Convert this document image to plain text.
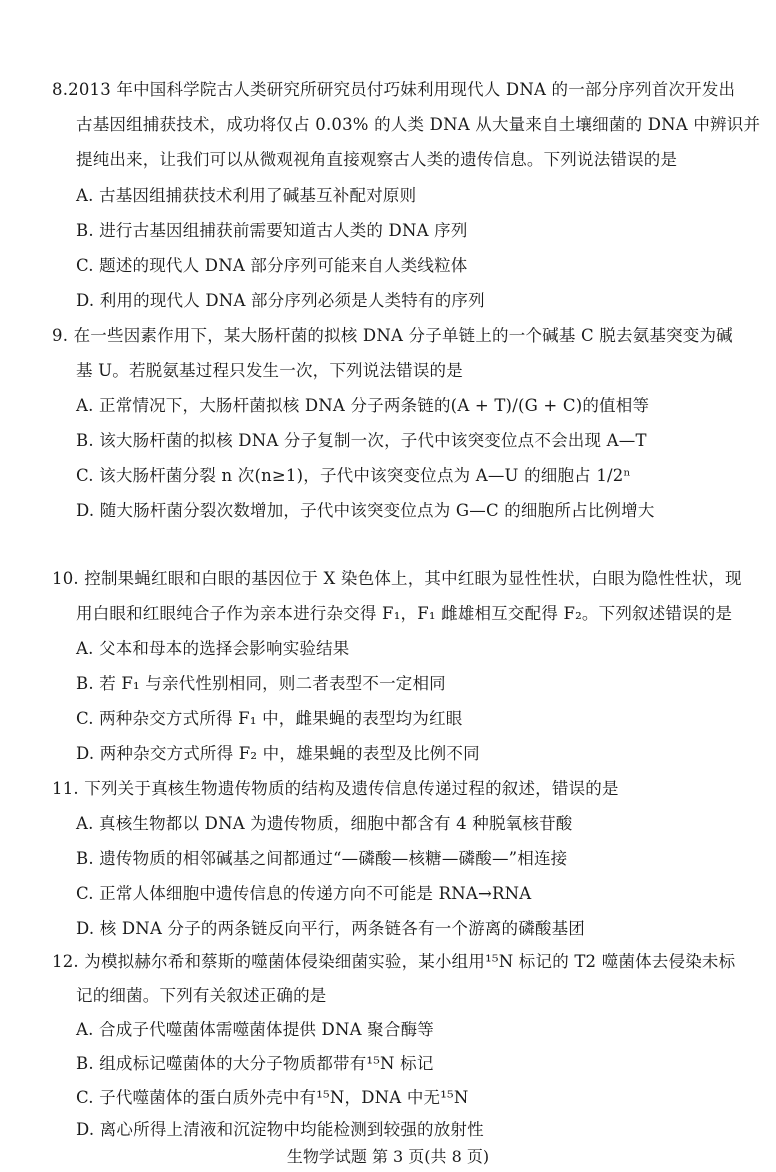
8.2013 年中国科学院古人类研究所研究员付巧妹利用现代人 DNA 的一部分序列首次开发出
古基因组捕获技术，成功将仅占 0.03% 的人类 DNA 从大量来自土壤细菌的 DNA 中辨识并
提纯出来，让我们可以从微观视角直接观察古人类的遗传信息。下列说法错误的是
A. 古基因组捕获技术利用了碱基互补配对原则
B. 进行古基因组捕获前需要知道古人类的 DNA 序列
C. 题述的现代人 DNA 部分序列可能来自人类线粒体
D. 利用的现代人 DNA 部分序列必须是人类特有的序列
9. 在一些因素作用下，某大肠杆菌的拟核 DNA 分子单链上的一个碱基 C 脱去氨基突变为碱
基 U。若脱氨基过程只发生一次，下列说法错误的是
A. 正常情况下，大肠杆菌拟核 DNA 分子两条链的(A + T)/(G + C)的值相等
B. 该大肠杆菌的拟核 DNA 分子复制一次，子代中该突变位点不会出现 A—T
C. 该大肠杆菌分裂 n 次(n≥1)，子代中该突变位点为 A—U 的细胞占 1/2ⁿ
D. 随大肠杆菌分裂次数增加，子代中该突变位点为 G—C 的细胞所占比例增大
10. 控制果蝇红眼和白眼的基因位于 X 染色体上，其中红眼为显性性状，白眼为隐性性状，现
用白眼和红眼纯合子作为亲本进行杂交得 F₁，F₁ 雌雄相互交配得 F₂。下列叙述错误的是
A. 父本和母本的选择会影响实验结果
B. 若 F₁ 与亲代性别相同，则二者表型不一定相同
C. 两种杂交方式所得 F₁ 中，雌果蝇的表型均为红眼
D. 两种杂交方式所得 F₂ 中，雄果蝇的表型及比例不同
11. 下列关于真核生物遗传物质的结构及遗传信息传递过程的叙述，错误的是
A. 真核生物都以 DNA 为遗传物质，细胞中都含有 4 种脱氧核苷酸
B. 遗传物质的相邻碱基之间都通过“—磷酸—核糖—磷酸—”相连接
C. 正常人体细胞中遗传信息的传递方向不可能是 RNA→RNA
D. 核 DNA 分子的两条链反向平行，两条链各有一个游离的磷酸基团
12. 为模拟赫尔希和蔡斯的噬菌体侵染细菌实验，某小组用¹⁵N 标记的 T2 噬菌体去侵染未标
记的细菌。下列有关叙述正确的是
A. 合成子代噬菌体需噬菌体提供 DNA 聚合酶等
B. 组成标记噬菌体的大分子物质都带有¹⁵N 标记
C. 子代噬菌体的蛋白质外壳中有¹⁵N，DNA 中无¹⁵N
生物学试题 第 3 页(共 8 页)
D. 离心所得上清液和沉淀物中均能检测到较强的放射性
